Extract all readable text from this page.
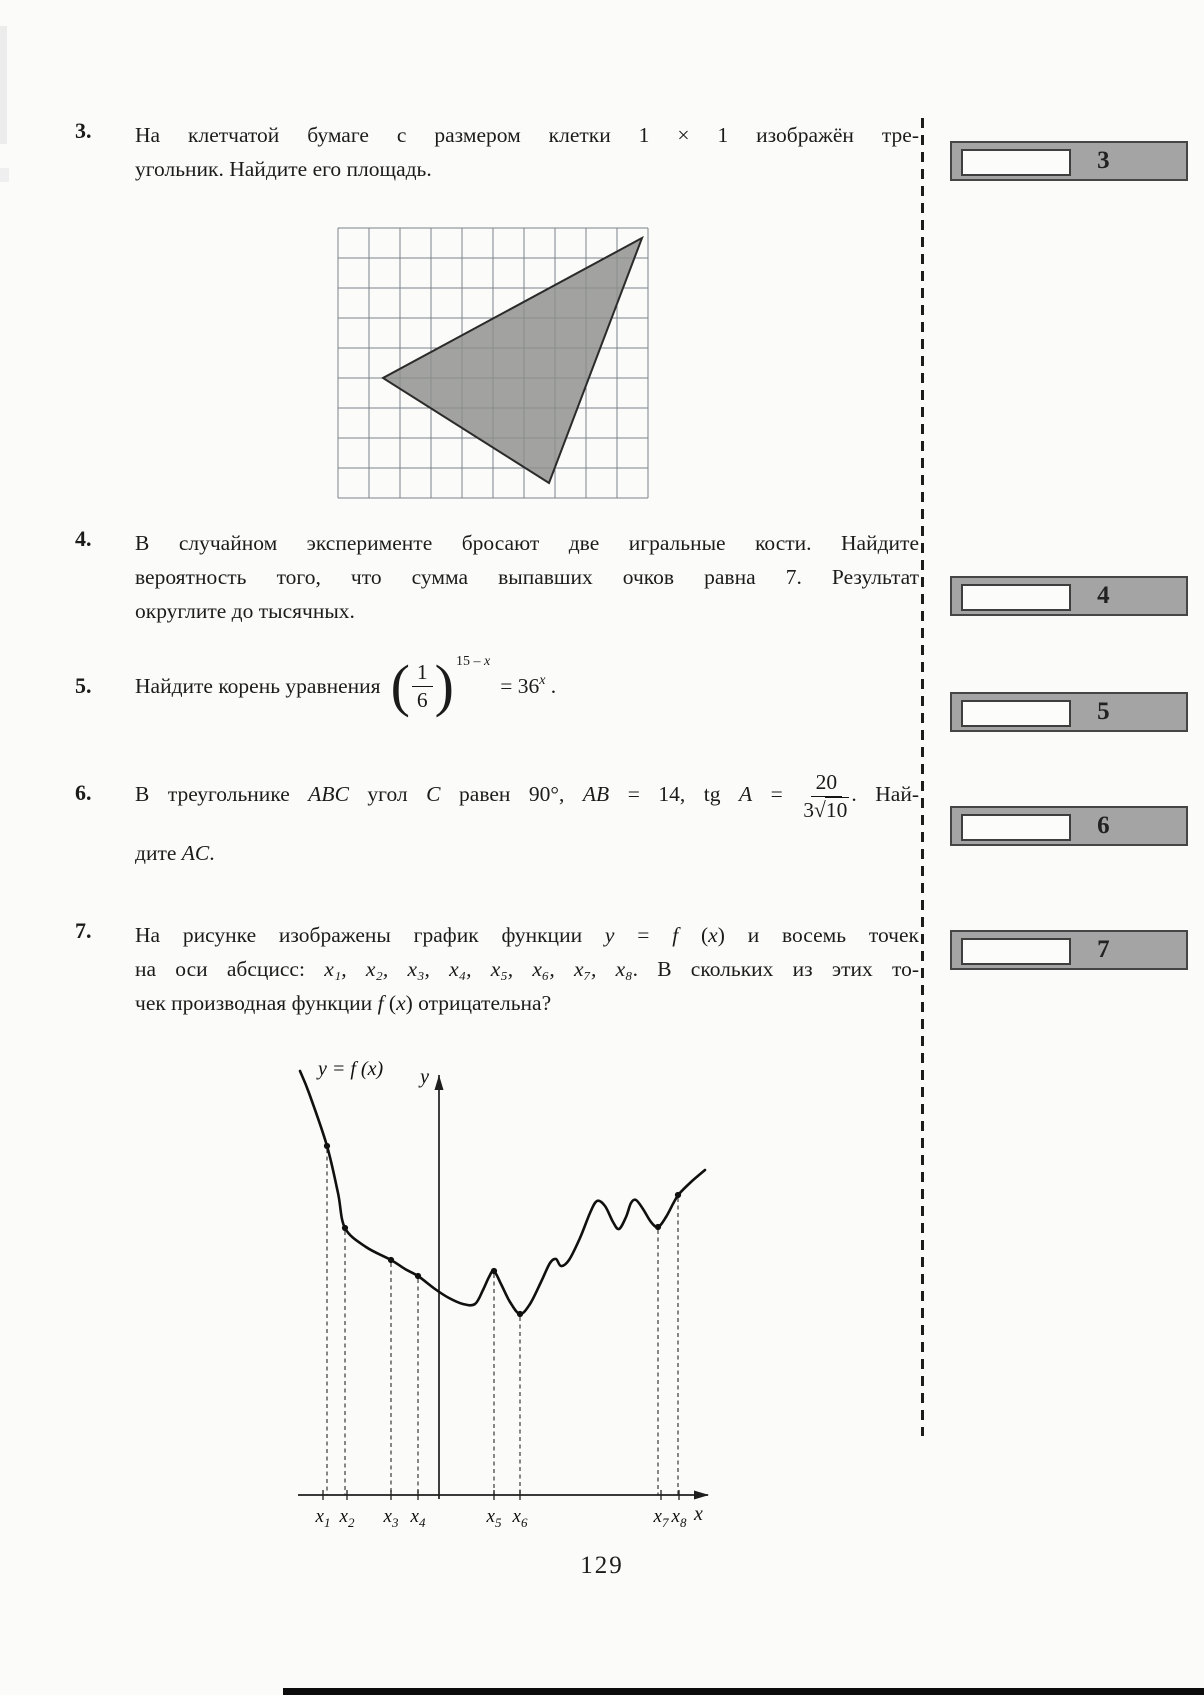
3.	На клетчатой бумаге с размером клетки 1 × 1 изображён тре-
угольник. Найдите его площадь.
4.	В случайном эксперименте бросают две игральные кости. Найдите
вероятность того, что сумма выпавших очков равна 7. Результат
округлите до тысячных.
5.	Найдите корень уравнения ( $\frac{1}{6}$ ) $^{15 - x}$
= $36^x$ .
6.	В треугольнике ABC угол C равен 90°, AB = 14, tg $A = \frac{20}{3√10}$ . Най-
дите AC.
7.	На рисунке изображены график функции y = f (x) и восемь точек
на оси абсцисс: x₁, x₂, x₃, x₄, x₅, x₆, x₇, x₈. В скольких из этих то-
чек производная функции f (x) отрицательна?
$x_1$ $x_2$ $x_3$ $x_4$	$x_5$ $x_6$	$x_7$ $x_8$
y = f (x) y
x
3
4
5
6
7
129
